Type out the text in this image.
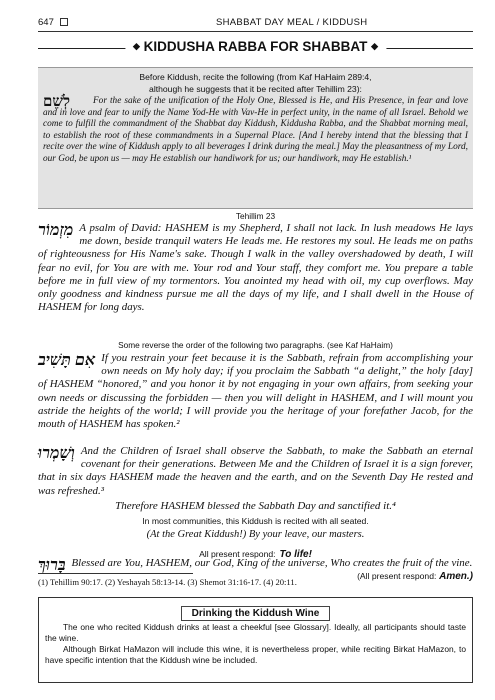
647	SHABBAT DAY MEAL / KIDDUSH
◆ KIDDUSHA RABBA FOR SHABBAT ◆
Before Kiddush, recite the following (from Kaf HaHaim 289:4,
although he suggests that it be recited after Tehillim 23):
לְשֵׁם	For the sake of the unification of the Holy One, Blessed is He, and His Presence, in fear and love and in love and fear to unify the Name Yod-He with Vav-He in perfect unity, in the name of all Israel. Behold we come to fulfill the commandment of the Shabbat day Kiddush, Kiddusha Rabba, and the Shabbat morning meal, to establish the root of these commandments in a Supernal Place. [And I hereby intend that the blessing that I recite over the wine of Kiddush apply to all beverages I drink during the meal.] May the pleasantness of my Lord, our God, be upon us — may He establish our handiwork for us; our handiwork, may He establish.¹
Tehillim 23
מִזְמוֹר A psalm of David: HASHEM is my Shepherd, I shall not lack. In lush meadows He lays me down, beside tranquil waters He leads me. He restores my soul. He leads me on paths of righteousness for His Name's sake. Though I walk in the valley overshadowed by death, I will fear no evil, for You are with me. Your rod and Your staff, they comfort me. You prepare a table before me in full view of my tormentors. You anointed my head with oil, my cup overflows. May only goodness and kindness pursue me all the days of my life, and I shall dwell in the House of HASHEM for long days.
Some reverse the order of the following two paragraphs. (see Kaf HaHaim)
אִם תָּשִׁיב If you restrain your feet because it is the Sabbath, refrain from accomplishing your own needs on My holy day; if you proclaim the Sabbath “a delight,” the holy [day] of HASHEM “honored,” and you honor it by not engaging in your own affairs, from seeking your own needs or discussing the forbidden — then you will delight in HASHEM, and I will mount you astride the heights of the world; I will provide you the heritage of your forefather Jacob, for the mouth of HASHEM has spoken.²
וְשָׁמְרוּ And the Children of Israel shall observe the Sabbath, to make the Sabbath an eternal covenant for their generations. Between Me and the Children of Israel it is a sign forever, that in six days HASHEM made the heaven and the earth, and on the Seventh Day He rested and was refreshed.³
Therefore HASHEM blessed the Sabbath Day and sanctified it.⁴
In most communities, this Kiddush is recited with all seated.
(At the Great Kiddush!) By your leave, our masters.
All present respond: To life!
בָּרוּךְ Blessed are You, HASHEM, our God, King of the universe, Who creates the fruit of the vine.
(All present respond: Amen.)
(1) Tehillim 90:17. (2) Yeshayah 58:13-14. (3) Shemot 31:16-17. (4) 20:11.
Drinking the Kiddush Wine

The one who recited Kiddush drinks at least a cheekful [see Glossary]. Ideally, all participants should taste the wine.

Although Birkat HaMazon will include this wine, it is nevertheless proper, while reciting Birkat HaMazon, to have specific intention that the Kiddush wine be included.
